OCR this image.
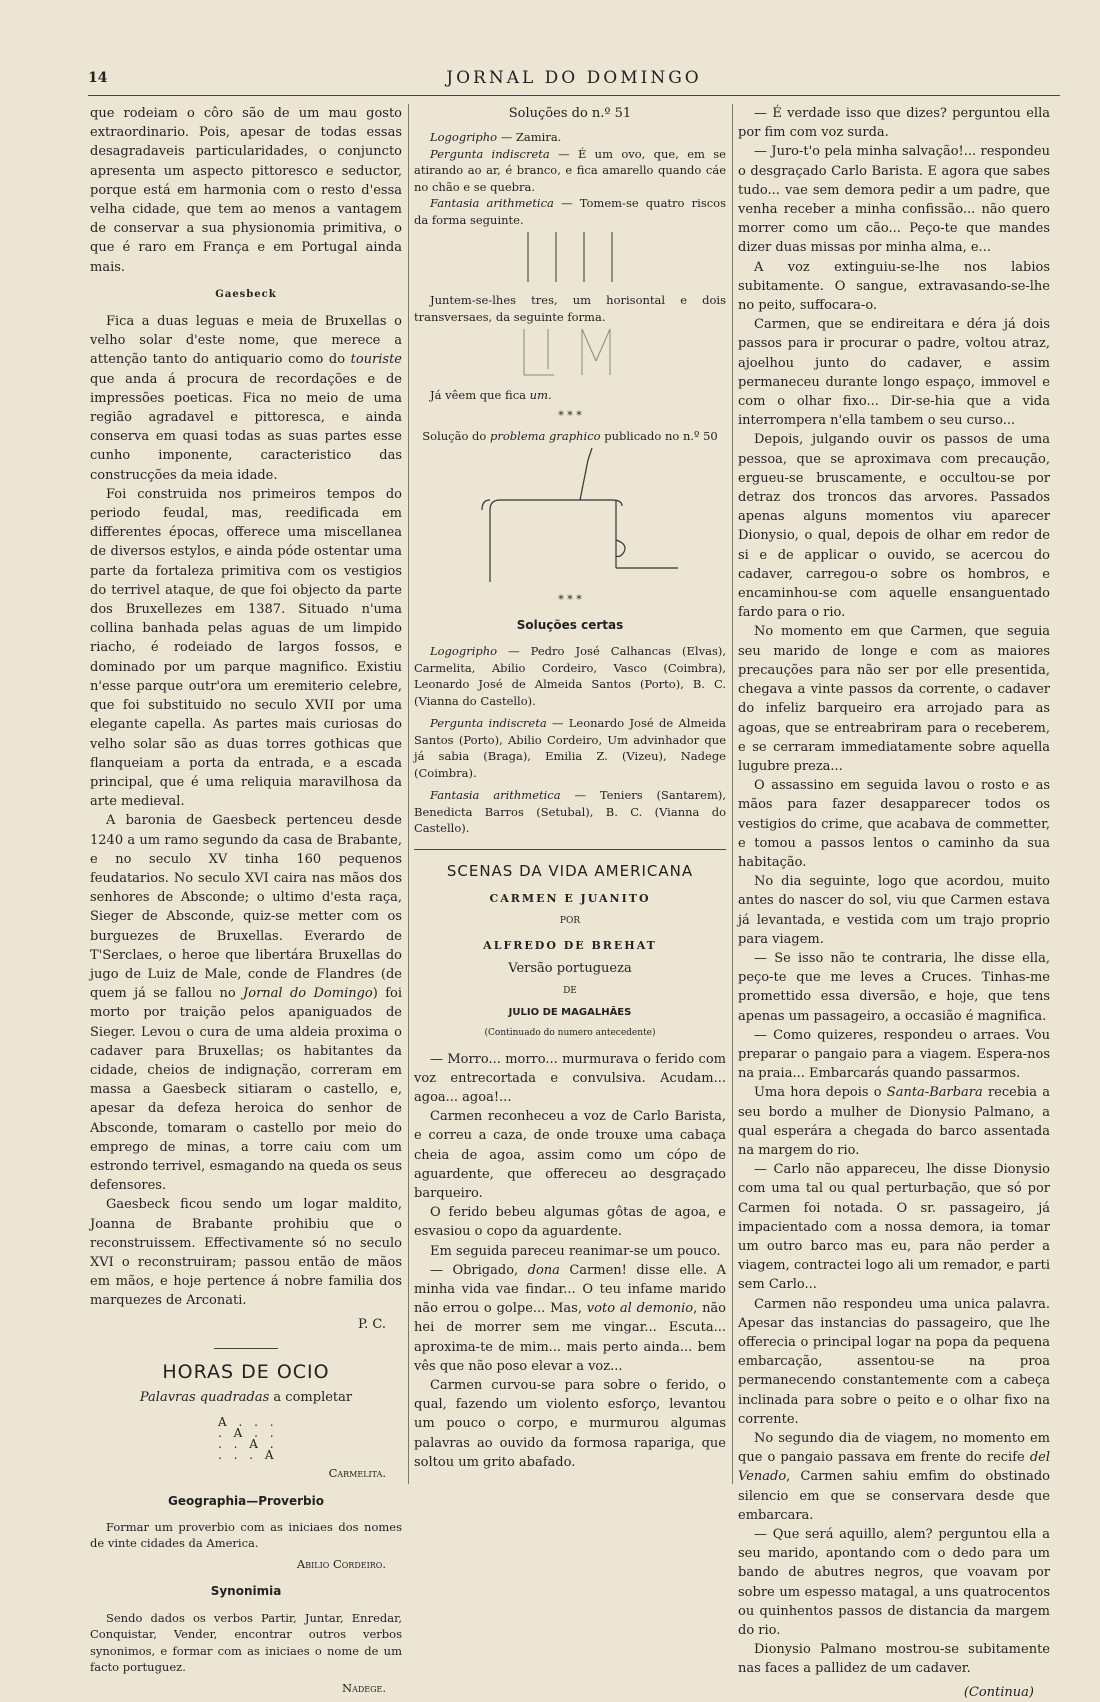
14	JORNAL DO DOMINGO

que rodeiam o côro são de um mau gosto extraordinario. Pois, apesar de todas essas desagradaveis particularidades, o conjuncto apresenta um aspecto pittoresco e seductor, porque está em harmonia com o resto d'essa velha cidade, que tem ao menos a vantagem de conservar a sua physionomia primitiva, o que é raro em França e em Portugal ainda mais.

Gaesbeck

Fica a duas leguas e meia de Bruxellas o velho solar d'este nome, que merece a attenção tanto do antiquario como do touriste que anda á procura de recordações e de impressões poeticas. Fica no meio de uma região agradavel e pittoresca, e ainda conserva em quasi todas as suas partes esse cunho imponente, caracteristico das construcções da meia idade.

Foi construida nos primeiros tempos do periodo feudal, mas, reedificada em differentes épocas, offerece uma miscellanea de diversos estylos, e ainda póde ostentar uma parte da fortaleza primitiva com os vestigios do terrivel ataque, de que foi objecto da parte dos Bruxellezes em 1387. Situado n'uma collina banhada pelas aguas de um limpido riacho, é rodeiado de largos fossos, e dominado por um parque magnifico. Existiu n'esse parque outr'ora um eremiterio celebre, que foi substituido no seculo XVII por uma elegante capella. As partes mais curiosas do velho solar são as duas torres gothicas que flanqueiam a porta da entrada, e a escada principal, que é uma reliquia maravilhosa da arte medieval.

A baronia de Gaesbeck pertenceu desde 1240 a um ramo segundo da casa de Brabante, e no seculo XV tinha 160 pequenos feudatarios. No seculo XVI caira nas mãos dos senhores de Absconde; o ultimo d'esta raça, Sieger de Absconde, quiz-se metter com os burguezes de Bruxellas. Everardo de T'Serclaes, o heroe que libertára Bruxellas do jugo de Luiz de Male, conde de Flandres (de quem já se fallou no Jornal do Domingo) foi morto por traição pelos apaniguados de Sieger. Levou o cura de uma aldeia proxima o cadaver para Bruxellas; os habitantes da cidade, cheios de indignação, correram em massa a Gaesbeck sitiaram o castello, e, apesar da defeza heroica do senhor de Absconde, tomaram o castello por meio do emprego de minas, a torre caiu com um estrondo terrivel, esmagando na queda os seus defensores.

Gaesbeck ficou sendo um logar maldito, Joanna de Brabante prohibiu que o reconstruissem. Effectivamente só no seculo XVI o reconstruiram; passou então de mãos em mãos, e hoje pertence á nobre familia dos marquezes de Arconati.

P. C.
HORAS DE OCIO
Palavras quadradas a completar
A . . .
. A . .
. . A .
. . . A
Carmelita.
Geographia—Proverbio

Formar um proverbio com as iniciaes dos nomes de vinte cidades da America.

Abilio Cordeiro.
Synonimia

Sendo dados os verbos Partir, Juntar, Enredar, Conquistar, Vender, encontrar outros verbos synonimos, e formar com as iniciaes o nome de um facto portuguez.

Nadege.
Soluções do n.º 51

Logogripho — Zamira.

Pergunta indiscreta — É um ovo, que, em se atirando ao ar, é branco, e fica amarello quando cáe no chão e se quebra.

Fantasia arithmetica — Tomem-se quatro riscos da forma seguinte.

Juntem-se-lhes tres, um horisontal e dois transversaes, da seguinte forma.

Já vêem que fica um.

* * *

Solução do problema graphico publicado no n.º 50

* * *
Soluções certas

Logogripho — Pedro José Calhancas (Elvas), Carmelita, Abilio Cordeiro, Vasco (Coimbra), Leonardo José de Almeida Santos (Porto), B. C. (Vianna do Castello).

Pergunta indiscreta — Leonardo José de Almeida Santos (Porto), Abilio Cordeiro, Um advinhador que já sabia (Braga), Emilia Z. (Vizeu), Nadege (Coimbra).

Fantasia arithmetica — Teniers (Santarem), Benedicta Barros (Setubal), B. C. (Vianna do Castello).

SCENAS DA VIDA AMERICANA
CARMEN E JUANITO
POR
ALFREDO DE BREHAT
Versão portugueza
DE
JULIO DE MAGALHÃES
(Continuado do numero antecedente)

— Morro... morro... murmurava o ferido com voz entrecortada e convulsiva. Acudam... agoa... agoa!...

Carmen reconheceu a voz de Carlo Barista, e correu a caza, de onde trouxe uma cabaça cheia de agoa, assim como um cópo de aguardente, que offereceu ao desgraçado barqueiro.

O ferido bebeu algumas gôtas de agoa, e esvasiou o copo da aguardente.

Em seguida pareceu reanimar-se um pouco.

— Obrigado, dona Carmen! disse elle. A minha vida vae findar... O teu infame marido não errou o golpe... Mas, voto al demonio, não hei de morrer sem me vingar... Escuta... aproxima-te de mim... mais perto ainda... bem vês que não poso elevar a voz...

Carmen curvou-se para sobre o ferido, o qual, fazendo um violento esforço, levantou um pouco o corpo, e murmurou algumas palavras ao ouvido da formosa rapariga, que soltou um grito abafado.

— É verdade isso que dizes? perguntou ella por fim com voz surda.

— Juro-t'o pela minha salvação!... respondeu o desgraçado Carlo Barista. E agora que sabes tudo... vae sem demora pedir a um padre, que venha receber a minha confissão... não quero morrer como um cão... Peço-te que mandes dizer duas missas por minha alma, e...

A voz extinguiu-se-lhe nos labios subitamente. O sangue, extravasando-se-lhe no peito, suffocara-o.

Carmen, que se endireitara e déra já dois passos para ir procurar o padre, voltou atraz, ajoelhou junto do cadaver, e assim permaneceu durante longo espaço, immovel e com o olhar fixo... Dir-se-hia que a vida interrompera n'ella tambem o seu curso...

Depois, julgando ouvir os passos de uma pessoa, que se aproximava com precaução, ergueu-se bruscamente, e occultou-se por detraz dos troncos das arvores. Passados apenas alguns momentos viu aparecer Dionysio, o qual, depois de olhar em redor de si e de applicar o ouvido, se acercou do cadaver, carregou-o sobre os hombros, e encaminhou-se com aquelle ensanguentado fardo para o rio.

No momento em que Carmen, que seguia seu marido de longe e com as maiores precauções para não ser por elle presentida, chegava a vinte passos da corrente, o cadaver do infeliz barqueiro era arrojado para as agoas, que se entreabriram para o receberem, e se cerraram immediatamente sobre aquella lugubre preza...

O assassino em seguida lavou o rosto e as mãos para fazer desapparecer todos os vestigios do crime, que acabava de commetter, e tomou a passos lentos o caminho da sua habitação.

No dia seguinte, logo que acordou, muito antes do nascer do sol, viu que Carmen estava já levantada, e vestida com um trajo proprio para viagem.

— Se isso não te contraria, lhe disse ella, peço-te que me leves a Cruces. Tinhas-me promettido essa diversão, e hoje, que tens apenas um passageiro, a occasião é magnifica.

— Como quizeres, respondeu o arraes. Vou preparar o pangaio para a viagem. Espera-nos na praia... Embarcarás quando passarmos.

Uma hora depois o Santa-Barbara recebia a seu bordo a mulher de Dionysio Palmano, a qual esperára a chegada do barco assentada na margem do rio.

— Carlo não appareceu, lhe disse Dionysio com uma tal ou qual perturbação, que só por Carmen foi notada. O sr. passageiro, já impacientado com a nossa demora, ia tomar um outro barco mas eu, para não perder a viagem, contractei logo ali um remador, e parti sem Carlo...

Carmen não respondeu uma unica palavra. Apesar das instancias do passageiro, que lhe offerecia o principal logar na popa da pequena embarcação, assentou-se na proa permanecendo constantemente com a cabeça inclinada para sobre o peito e o olhar fixo na corrente.

No segundo dia de viagem, no momento em que o pangaio passava em frente do recife del Venado, Carmen sahiu emfim do obstinado silencio em que se conservara desde que embarcara.

— Que será aquillo, alem? perguntou ella a seu marido, apontando com o dedo para um bando de abutres negros, que voavam por sobre um espesso matagal, a uns quatrocentos ou quinhentos passos de distancia da margem do rio.

Dionysio Palmano mostrou-se subitamente nas faces a pallidez de um cadaver.

(Continua)
